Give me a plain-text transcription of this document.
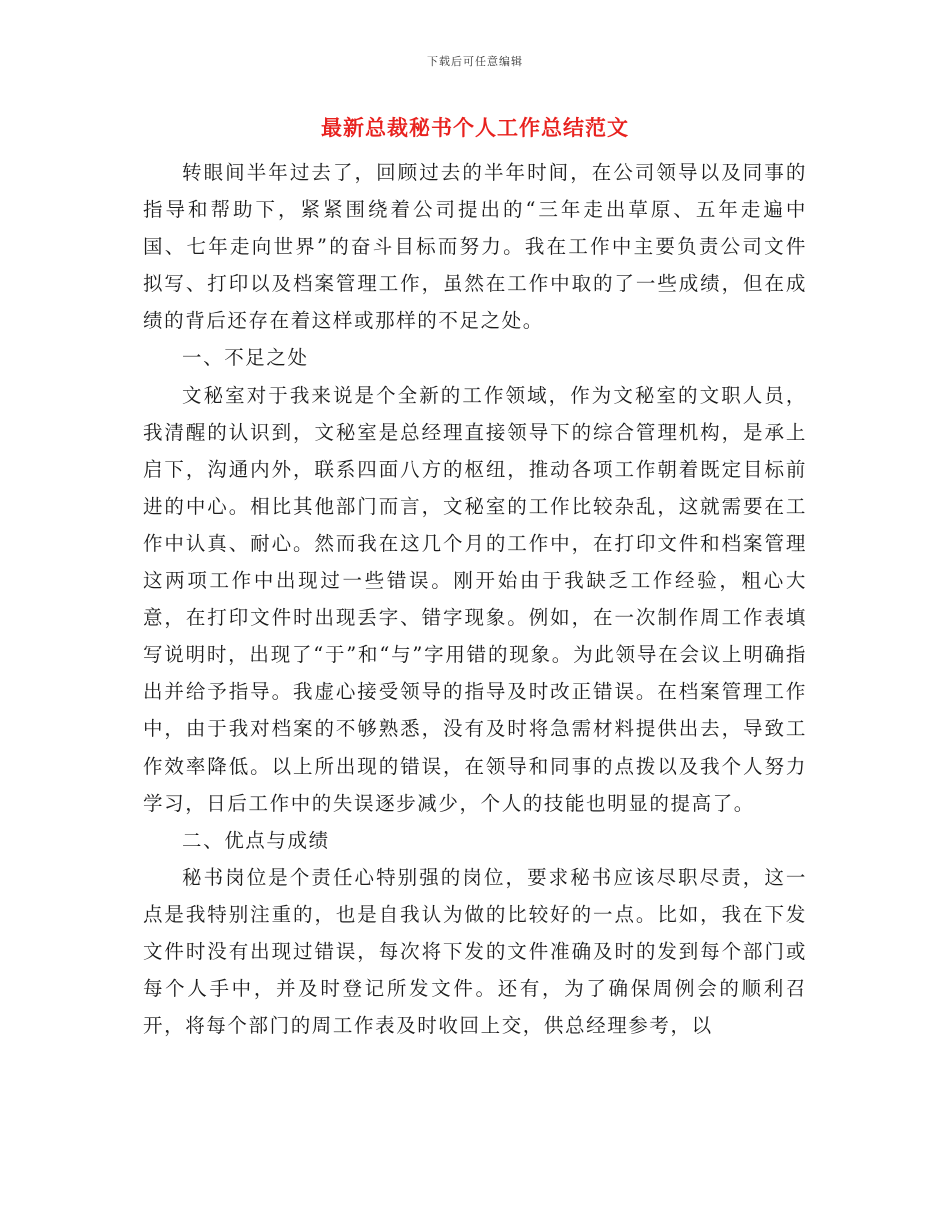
下载后可任意编辑
最新总裁秘书个人工作总结范文

转眼间半年过去了，回顾过去的半年时间，在公司领导以及同事的指导和帮助下，紧紧围绕着公司提出的“三年走出草原、五年走遍中国、七年走向世界”的奋斗目标而努力。我在工作中主要负责公司文件拟写、打印以及档案管理工作，虽然在工作中取的了一些成绩，但在成绩的背后还存在着这样或那样的不足之处。

一、不足之处

文秘室对于我来说是个全新的工作领域，作为文秘室的文职人员，我清醒的认识到，文秘室是总经理直接领导下的综合管理机构，是承上启下，沟通内外，联系四面八方的枢纽，推动各项工作朝着既定目标前进的中心。相比其他部门而言，文秘室的工作比较杂乱，这就需要在工作中认真、耐心。然而我在这几个月的工作中，在打印文件和档案管理这两项工作中出现过一些错误。刚开始由于我缺乏工作经验，粗心大意，在打印文件时出现丢字、错字现象。例如，在一次制作周工作表填写说明时，出现了“于”和“与”字用错的现象。为此领导在会议上明确指出并给予指导。我虚心接受领导的指导及时改正错误。在档案管理工作中，由于我对档案的不够熟悉，没有及时将急需材料提供出去，导致工作效率降低。以上所出现的错误，在领导和同事的点拨以及我个人努力学习，日后工作中的失误逐步减少，个人的技能也明显的提高了。

二、优点与成绩

秘书岗位是个责任心特别强的岗位，要求秘书应该尽职尽责，这一点是我特别注重的，也是自我认为做的比较好的一点。比如，我在下发文件时没有出现过错误，每次将下发的文件准确及时的发到每个部门或每个人手中，并及时登记所发文件。还有，为了确保周例会的顺利召开，将每个部门的周工作表及时收回上交，供总经理参考，以
